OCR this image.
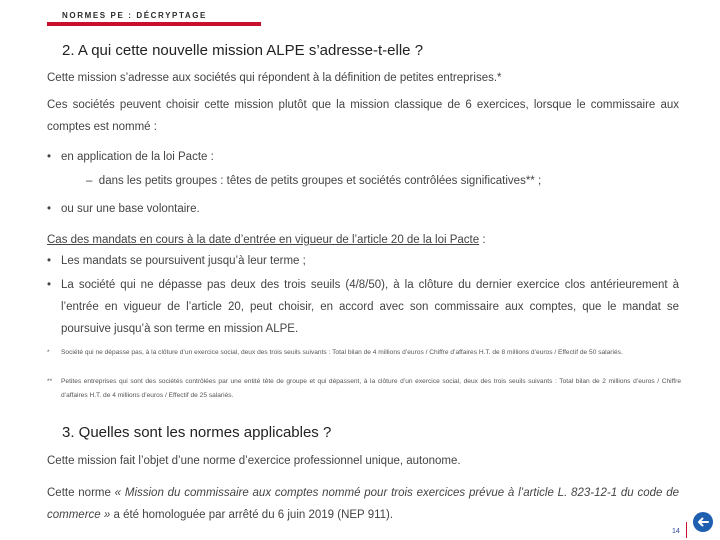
NORMES PE : DÉCRYPTAGE
2. A qui cette nouvelle mission ALPE s’adresse-t-elle ?

Cette mission s’adresse aux sociétés qui répondent à la définition de petites entreprises.*

Ces sociétés peuvent choisir cette mission plutôt que la mission classique de 6 exercices, lorsque le commissaire aux comptes est nommé :

• en application de la loi Pacte :
– dans les petits groupes : têtes de petits groupes et sociétés contrôlées significatives** ;
• ou sur une base volontaire.

Cas des mandats en cours à la date d’entrée en vigueur de l’article 20 de la loi Pacte :

• Les mandats se poursuivent jusqu’à leur terme ;
• La société qui ne dépasse pas deux des trois seuils (4/8/50), à la clôture du dernier exercice clos antérieurement à l’entrée en vigueur de l’article 20, peut choisir, en accord avec son commissaire aux comptes, que le mandat se poursuive jusqu’à son terme en mission ALPE.
* Société qui ne dépasse pas, à la clôture d’un exercice social, deux des trois seuils suivants : Total bilan de 4 millions d’euros / Chiffre d’affaires H.T. de 8 millions d’euros / Effectif de 50 salariés.
** Petites entreprises qui sont des sociétés contrôlées par une entité tête de groupe et qui dépassent, à la clôture d’un exercice social, deux des trois seuils suivants : Total bilan de 2 millions d’euros / Chiffre d’affaires H.T. de 4 millions d’euros / Effectif de 25 salariés.
3. Quelles sont les normes applicables ?

Cette mission fait l’objet d’une norme d’exercice professionnel unique, autonome.

Cette norme « Mission du commissaire aux comptes nommé pour trois exercices prévue à l’article L. 823-12-1 du code de commerce » a été homologuée par arrêté du 6 juin 2019 (NEP 911).

14
